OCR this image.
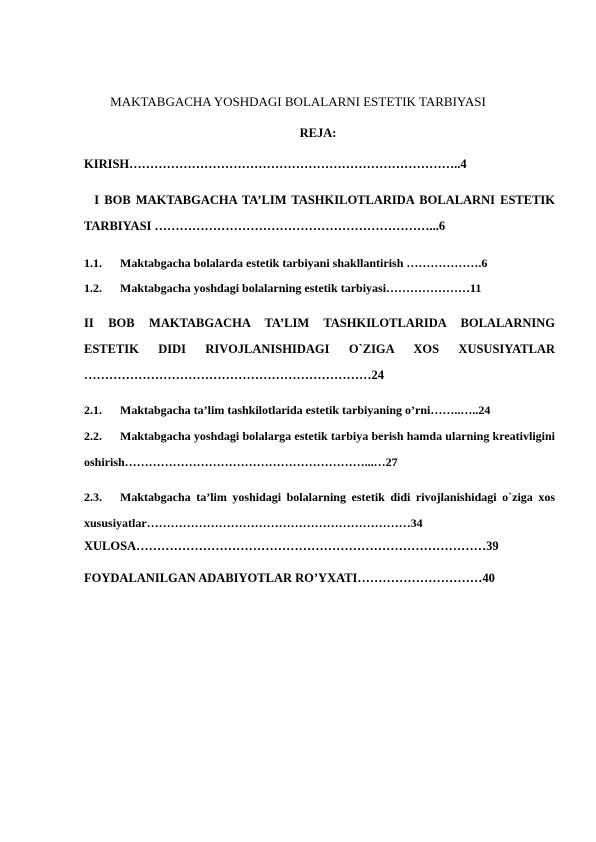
MAKTABGACHA YOSHDAGI BOLALARNI ESTETIK TARBIYASI
REJA:
KIRISH……………………………………………………………………..4
I BOB MAKTABGACHA TA’LIM TASHKILOTLARIDA BOLALARNI ESTETIK TARBIYASI …………………………………………………………...6
1.1. Maktabgacha bolalarda estetik tarbiyani shakllantirish ……………….6
1.2. Maktabgacha yoshdagi bolalarning estetik tarbiyasi…………………11
II BOB MAKTABGACHA TA’LIM TASHKILOTLARIDA BOLALARNING ESTETIK DIDI RIVOJLANISHIDAGI O`ZIGA XOS XUSUSIYATLAR ……………………………………………………………24
2.1. Maktabgacha ta’lim tashkilotlarida estetik tarbiyaning o’rni……..…..24
2.2. Maktabgacha yoshdagi bolalarga estetik tarbiya berish hamda ularning kreativligini oshirish……………………………………………………...…27
2.3. Maktabgacha ta’lim yoshidagi bolalarning estetik didi rivojlanishidagi o`ziga xos xususiyatlar…………………………………………………………34
XULOSA…………………………………………………………………………39
FOYDALANILGAN ADABIYOTLAR RO’YXATI…………………………40
